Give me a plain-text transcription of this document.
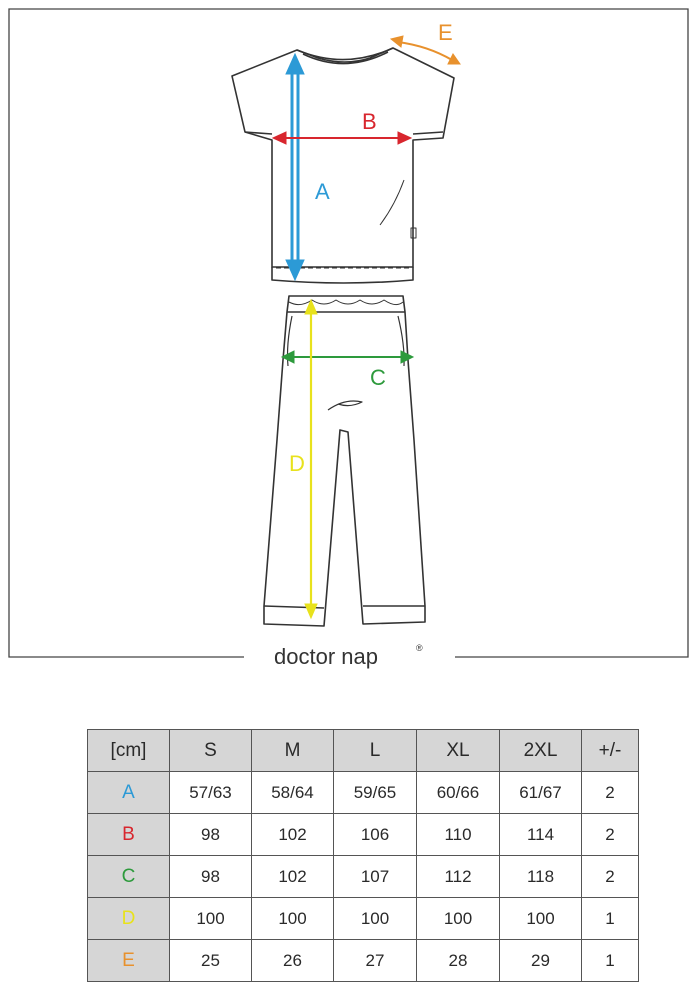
A
B
C
D
E
doctor nap	®
[cm]	S	M	L	XL	2XL	+/-
A	57/63	58/64	59/65	60/66	61/67	2
B	98	102	106	110	114	2
C	98	102	107	112	118	2
D	100	100	100	100	100	1
E	25	26	27	28	29	1
